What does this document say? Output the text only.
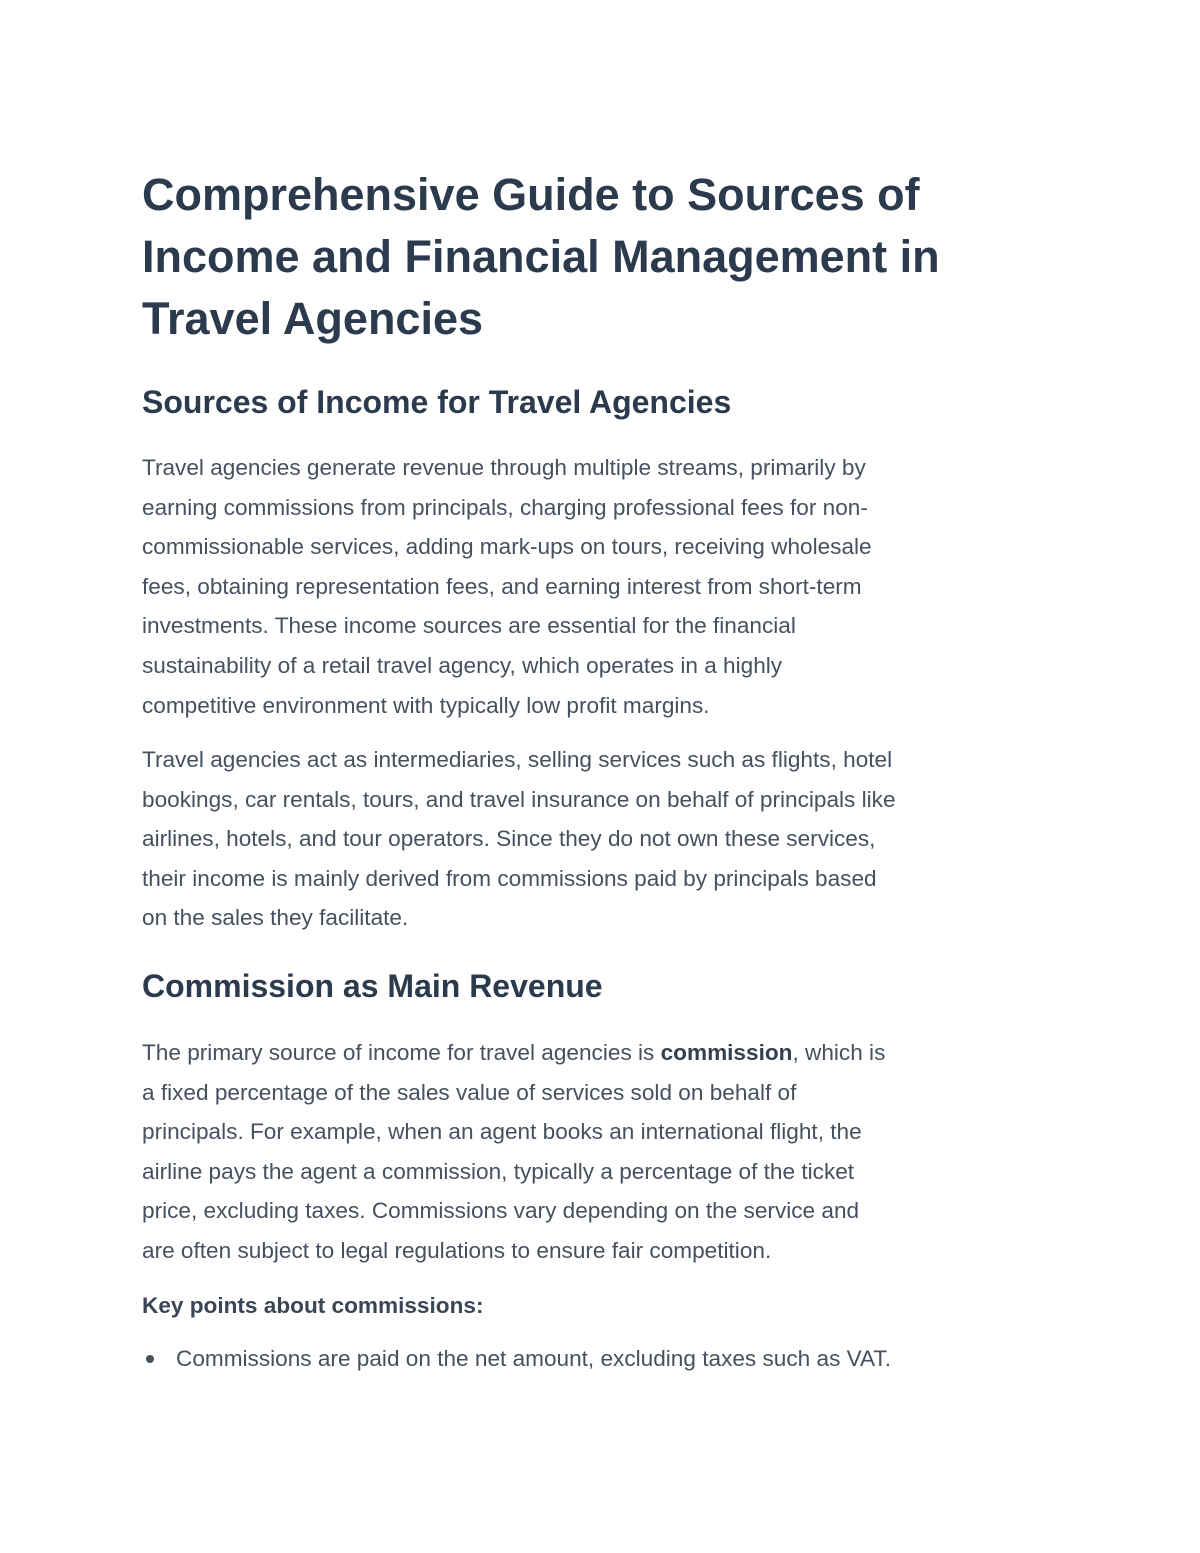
Comprehensive Guide to Sources of
Income and Financial Management in
Travel Agencies
Sources of Income for Travel Agencies
Travel agencies generate revenue through multiple streams, primarily by
earning commissions from principals, charging professional fees for non-
commissionable services, adding mark-ups on tours, receiving wholesale
fees, obtaining representation fees, and earning interest from short-term
investments. These income sources are essential for the financial
sustainability of a retail travel agency, which operates in a highly
competitive environment with typically low profit margins.
Travel agencies act as intermediaries, selling services such as flights, hotel
bookings, car rentals, tours, and travel insurance on behalf of principals like
airlines, hotels, and tour operators. Since they do not own these services,
their income is mainly derived from commissions paid by principals based
on the sales they facilitate.
Commission as Main Revenue
The primary source of income for travel agencies is commission, which is
a fixed percentage of the sales value of services sold on behalf of
principals. For example, when an agent books an international flight, the
airline pays the agent a commission, typically a percentage of the ticket
price, excluding taxes. Commissions vary depending on the service and
are often subject to legal regulations to ensure fair competition.
Key points about commissions:
Commissions are paid on the net amount, excluding taxes such as VAT.
